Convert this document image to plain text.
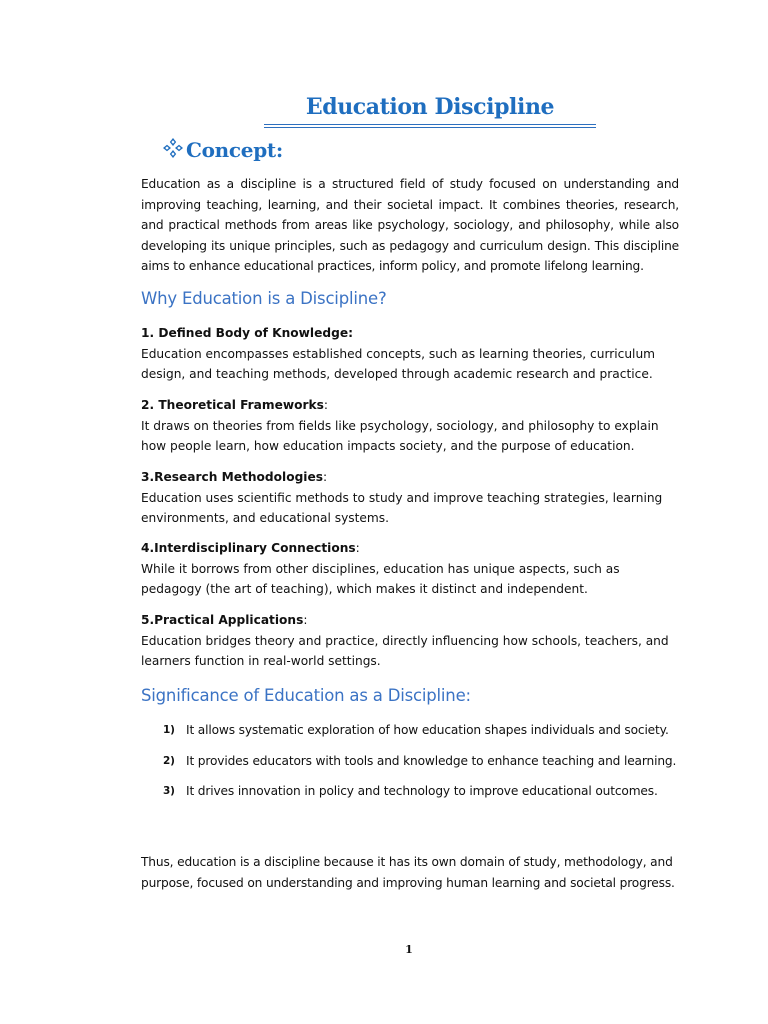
Education Discipline
Concept:

Education as a discipline is a structured field of study focused on understanding and improving teaching, learning, and their societal impact. It combines theories, research, and practical methods from areas like psychology, sociology, and philosophy, while also developing its unique principles, such as pedagogy and curriculum design. This discipline aims to enhance educational practices, inform policy, and promote lifelong learning.

Why Education is a Discipline?
1. Defined Body of Knowledge:
Education encompasses established concepts, such as learning theories, curriculum design, and teaching methods, developed through academic research and practice.
2. Theoretical Frameworks:
It draws on theories from fields like psychology, sociology, and philosophy to explain how people learn, how education impacts society, and the purpose of education.
3.Research Methodologies:
Education uses scientific methods to study and improve teaching strategies, learning environments, and educational systems.
4.Interdisciplinary Connections:
While it borrows from other disciplines, education has unique aspects, such as pedagogy (the art of teaching), which makes it distinct and independent.
5.Practical Applications:
Education bridges theory and practice, directly influencing how schools, teachers, and learners function in real-world settings.
Significance of Education as a Discipline:
1) It allows systematic exploration of how education shapes individuals and society.
2) It provides educators with tools and knowledge to enhance teaching and learning.
3) It drives innovation in policy and technology to improve educational outcomes.

Thus, education is a discipline because it has its own domain of study, methodology, and purpose, focused on understanding and improving human learning and societal progress.

1
